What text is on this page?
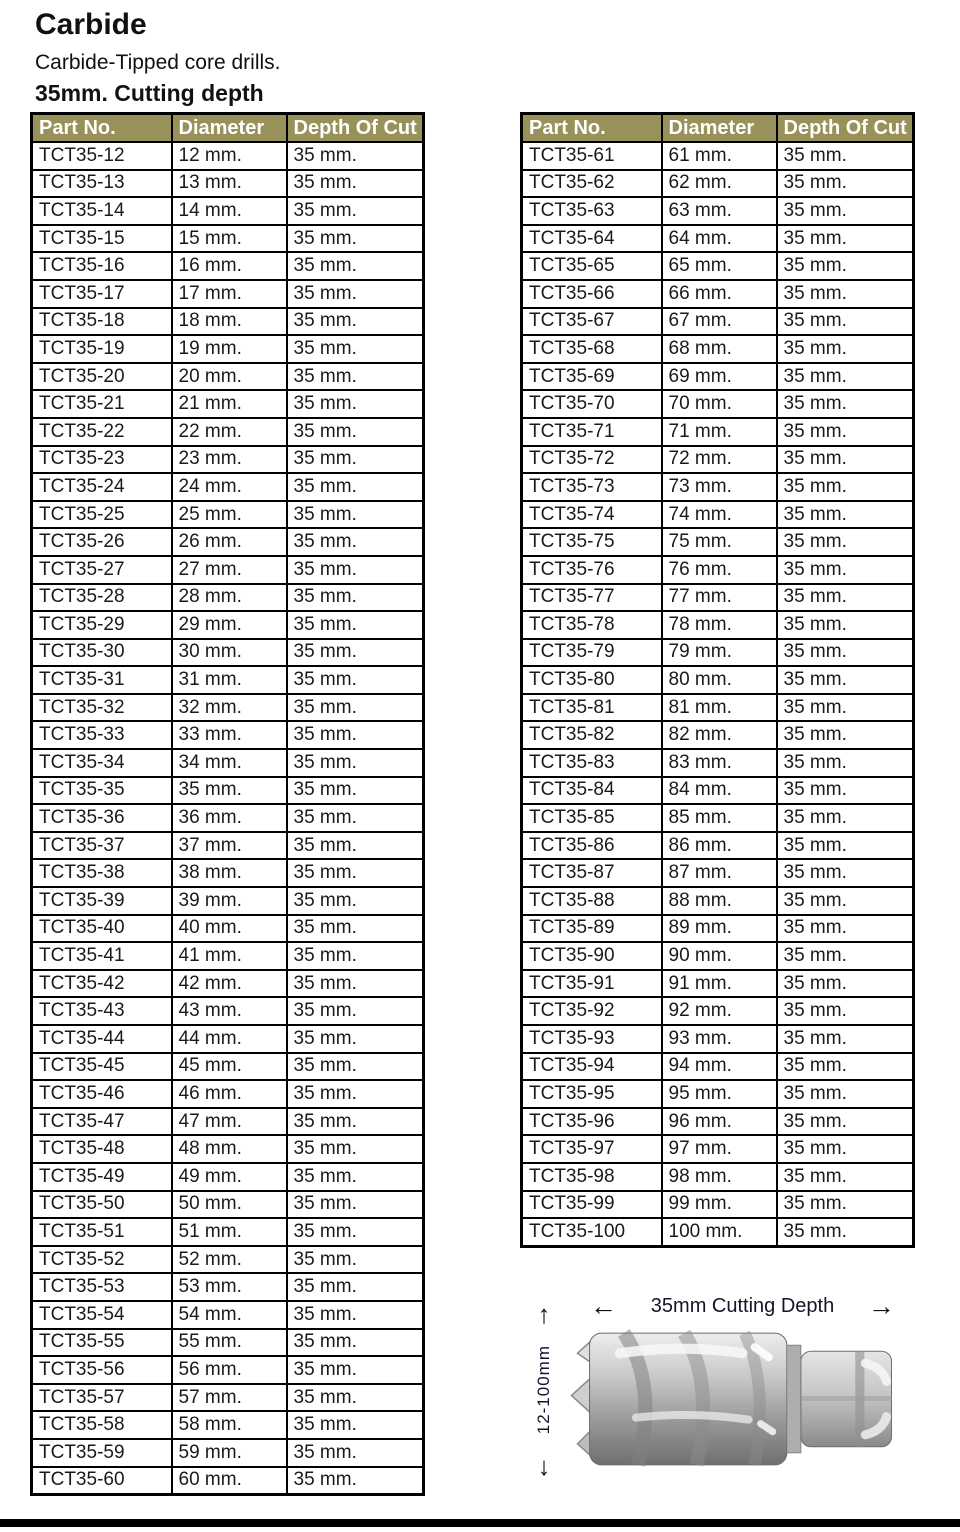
Carbide

Carbide-Tipped core drills.

35mm. Cutting depth
Part No.	Diameter	Depth Of Cut
TCT35-12	12 mm.	35 mm.
TCT35-13	13 mm.	35 mm.
TCT35-14	14 mm.	35 mm.
TCT35-15	15 mm.	35 mm.
TCT35-16	16 mm.	35 mm.
TCT35-17	17 mm.	35 mm.
TCT35-18	18 mm.	35 mm.
TCT35-19	19 mm.	35 mm.
TCT35-20	20 mm.	35 mm.
TCT35-21	21 mm.	35 mm.
TCT35-22	22 mm.	35 mm.
TCT35-23	23 mm.	35 mm.
TCT35-24	24 mm.	35 mm.
TCT35-25	25 mm.	35 mm.
TCT35-26	26 mm.	35 mm.
TCT35-27	27 mm.	35 mm.
TCT35-28	28 mm.	35 mm.
TCT35-29	29 mm.	35 mm.
TCT35-30	30 mm.	35 mm.
TCT35-31	31 mm.	35 mm.
TCT35-32	32 mm.	35 mm.
TCT35-33	33 mm.	35 mm.
TCT35-34	34 mm.	35 mm.
TCT35-35	35 mm.	35 mm.
TCT35-36	36 mm.	35 mm.
TCT35-37	37 mm.	35 mm.
TCT35-38	38 mm.	35 mm.
TCT35-39	39 mm.	35 mm.
TCT35-40	40 mm.	35 mm.
TCT35-41	41 mm.	35 mm.
TCT35-42	42 mm.	35 mm.
TCT35-43	43 mm.	35 mm.
TCT35-44	44 mm.	35 mm.
TCT35-45	45 mm.	35 mm.
TCT35-46	46 mm.	35 mm.
TCT35-47	47 mm.	35 mm.
TCT35-48	48 mm.	35 mm.
TCT35-49	49 mm.	35 mm.
TCT35-50	50 mm.	35 mm.
TCT35-51	51 mm.	35 mm.
TCT35-52	52 mm.	35 mm.
TCT35-53	53 mm.	35 mm.
TCT35-54	54 mm.	35 mm.
TCT35-55	55 mm.	35 mm.
TCT35-56	56 mm.	35 mm.
TCT35-57	57 mm.	35 mm.
TCT35-58	58 mm.	35 mm.
TCT35-59	59 mm.	35 mm.
TCT35-60	60 mm.	35 mm.
Part No.	Diameter	Depth Of Cut
TCT35-61	61 mm.	35 mm.
TCT35-62	62 mm.	35 mm.
TCT35-63	63 mm.	35 mm.
TCT35-64	64 mm.	35 mm.
TCT35-65	65 mm.	35 mm.
TCT35-66	66 mm.	35 mm.
TCT35-67	67 mm.	35 mm.
TCT35-68	68 mm.	35 mm.
TCT35-69	69 mm.	35 mm.
TCT35-70	70 mm.	35 mm.
TCT35-71	71 mm.	35 mm.
TCT35-72	72 mm.	35 mm.
TCT35-73	73 mm.	35 mm.
TCT35-74	74 mm.	35 mm.
TCT35-75	75 mm.	35 mm.
TCT35-76	76 mm.	35 mm.
TCT35-77	77 mm.	35 mm.
TCT35-78	78 mm.	35 mm.
TCT35-79	79 mm.	35 mm.
TCT35-80	80 mm.	35 mm.
TCT35-81	81 mm.	35 mm.
TCT35-82	82 mm.	35 mm.
TCT35-83	83 mm.	35 mm.
TCT35-84	84 mm.	35 mm.
TCT35-85	85 mm.	35 mm.
TCT35-86	86 mm.	35 mm.
TCT35-87	87 mm.	35 mm.
TCT35-88	88 mm.	35 mm.
TCT35-89	89 mm.	35 mm.
TCT35-90	90 mm.	35 mm.
TCT35-91	91 mm.	35 mm.
TCT35-92	92 mm.	35 mm.
TCT35-93	93 mm.	35 mm.
TCT35-94	94 mm.	35 mm.
TCT35-95	95 mm.	35 mm.
TCT35-96	96 mm.	35 mm.
TCT35-97	97 mm.	35 mm.
TCT35-98	98 mm.	35 mm.
TCT35-99	99 mm.	35 mm.
TCT35-100	100 mm.	35 mm.
← 35mm Cutting Depth →
↑
12-100mm
↓
